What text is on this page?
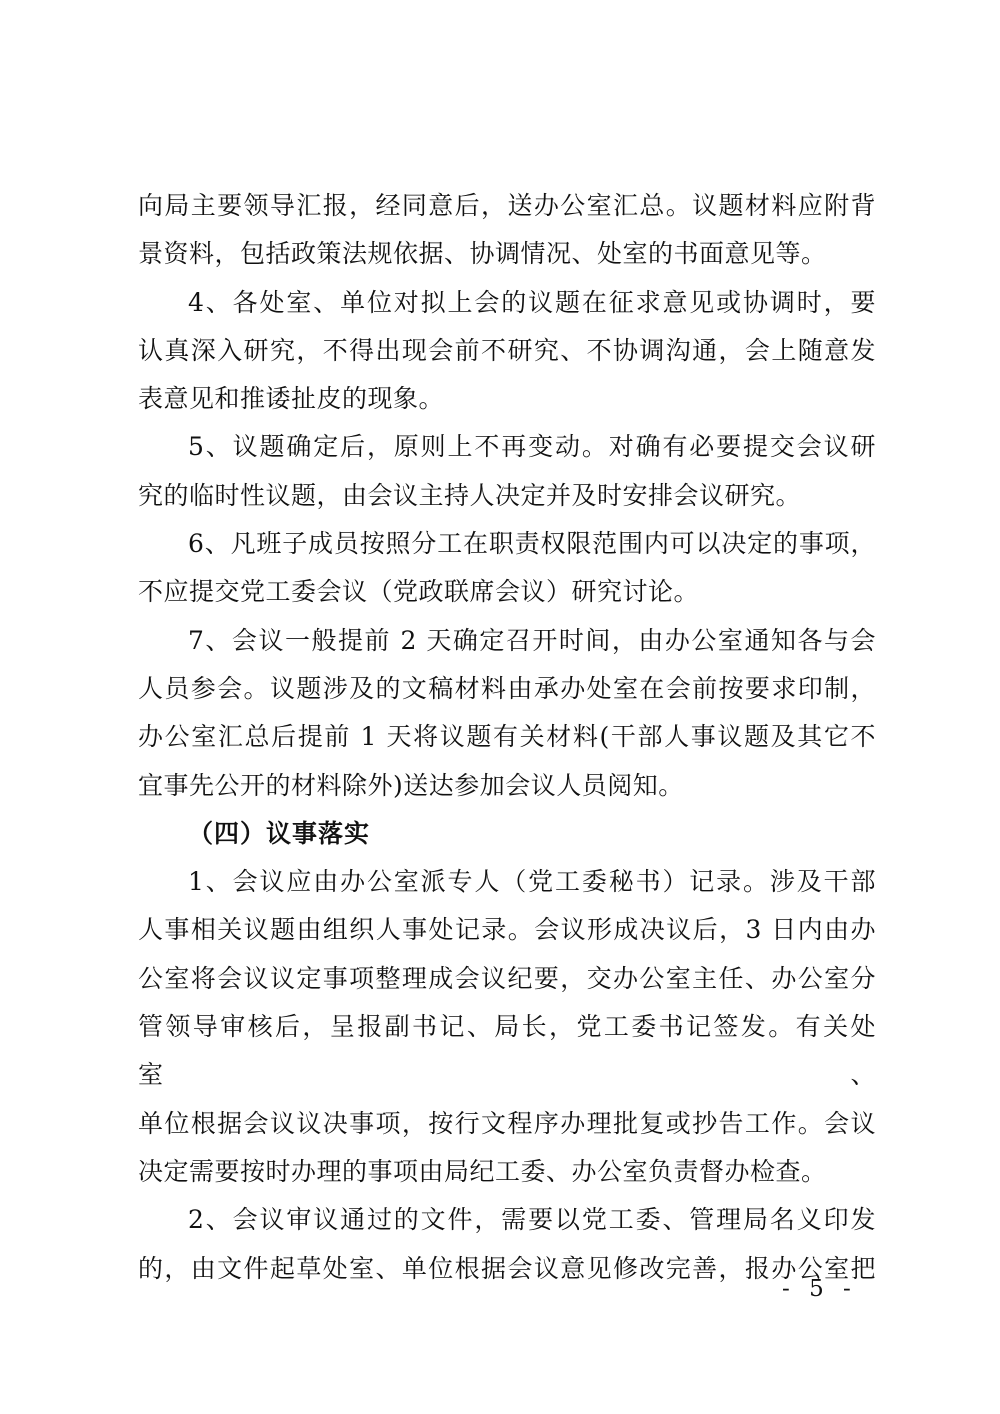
向局主要领导汇报，经同意后，送办公室汇总。议题材料应附背

景资料，包括政策法规依据、协调情况、处室的书面意见等。

4、各处室、单位对拟上会的议题在征求意见或协调时，要

认真深入研究，不得出现会前不研究、不协调沟通，会上随意发

表意见和推诿扯皮的现象。

5、议题确定后，原则上不再变动。对确有必要提交会议研

究的临时性议题，由会议主持人决定并及时安排会议研究。

6、凡班子成员按照分工在职责权限范围内可以决定的事项，

不应提交党工委会议（党政联席会议）研究讨论。

7、会议一般提前 2 天确定召开时间，由办公室通知各与会

人员参会。议题涉及的文稿材料由承办处室在会前按要求印制，

办公室汇总后提前 1 天将议题有关材料(干部人事议题及其它不

宜事先公开的材料除外)送达参加会议人员阅知。

（四）议事落实

1、会议应由办公室派专人（党工委秘书）记录。涉及干部

人事相关议题由组织人事处记录。会议形成决议后，3 日内由办

公室将会议议定事项整理成会议纪要，交办公室主任、办公室分

管领导审核后，呈报副书记、局长，党工委书记签发。有关处室、

单位根据会议议决事项，按行文程序办理批复或抄告工作。会议

决定需要按时办理的事项由局纪工委、办公室负责督办检查。

2、会议审议通过的文件，需要以党工委、管理局名义印发

的，由文件起草处室、单位根据会议意见修改完善，报办公室把

- 5 -
